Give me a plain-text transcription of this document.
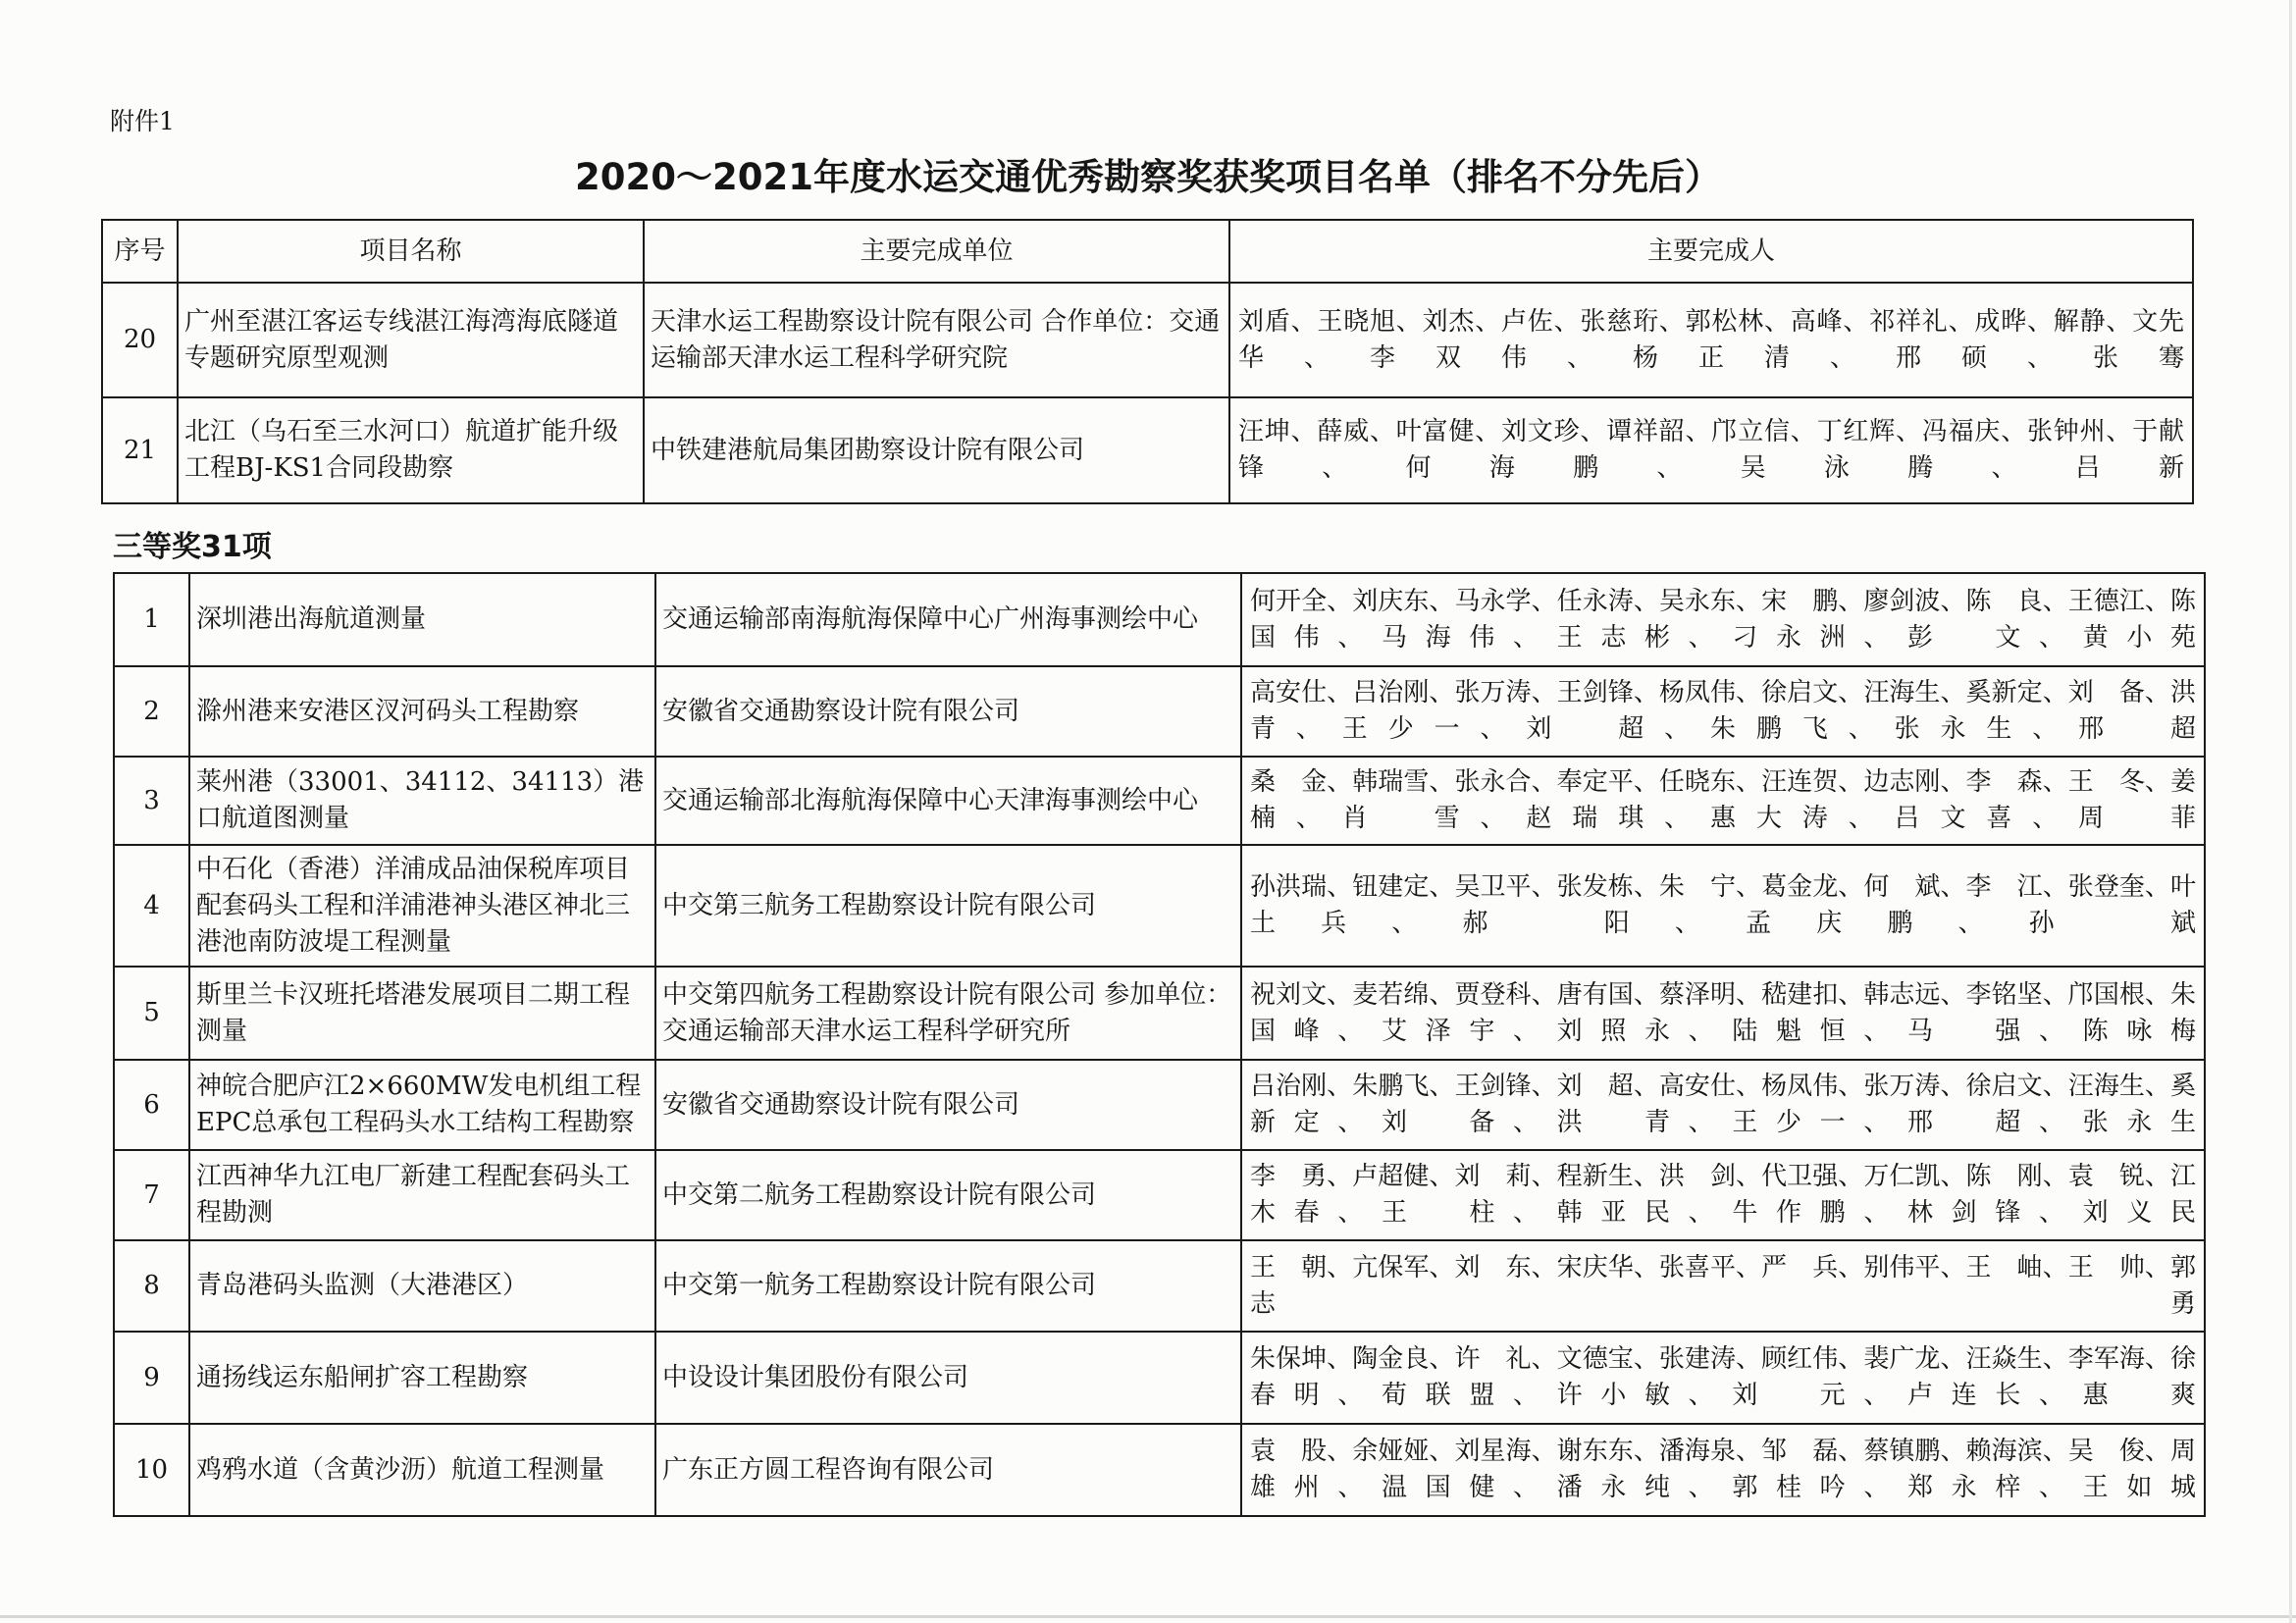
附件1
2020～2021年度水运交通优秀勘察奖获奖项目名单（排名不分先后）
序号	项目名称	主要完成单位	主要完成人
20	广州至湛江客运专线湛江海湾海底隧道专题研究原型观测	天津水运工程勘察设计院有限公司 合作单位：交通运输部天津水运工程科学研究院	刘盾、王晓旭、刘杰、卢佐、张慈珩、郭松林、高峰、祁祥礼、成晔、解静、文先华、李双伟、杨正清、邢硕、张骞
21	北江（乌石至三水河口）航道扩能升级工程BJ-KS1合同段勘察	中铁建港航局集团勘察设计院有限公司	汪坤、薛威、叶富健、刘文珍、谭祥韶、邝立信、丁红辉、冯福庆、张钟州、于献锋、何海鹏、吴泳腾、吕新
三等奖31项
1	深圳港出海航道测量	交通运输部南海航海保障中心广州海事测绘中心	何开全、刘庆东、马永学、任永涛、吴永东、宋　鹏、廖剑波、陈　良、王德江、陈国伟、马海伟、王志彬、刁永洲、彭　文、黄小苑
2	滁州港来安港区汊河码头工程勘察	安徽省交通勘察设计院有限公司	高安仕、吕治刚、张万涛、王剑锋、杨凤伟、徐启文、汪海生、奚新定、刘　备、洪　青、王少一、刘　超、朱鹏飞、张永生、邢　超
3	莱州港（33001、34112、34113）港口航道图测量	交通运输部北海航海保障中心天津海事测绘中心	桑　金、韩瑞雪、张永合、奉定平、任晓东、汪连贺、边志刚、李　森、王　冬、姜　楠、肖　雪、赵瑞琪、惠大涛、吕文喜、周　菲
4	中石化（香港）洋浦成品油保税库项目配套码头工程和洋浦港神头港区神北三港池南防波堤工程测量	中交第三航务工程勘察设计院有限公司	孙洪瑞、钮建定、吴卫平、张发栋、朱　宁、葛金龙、何　斌、李　江、张登奎、叶土兵、郝　阳、孟庆鹏、孙　斌
5	斯里兰卡汉班托塔港发展项目二期工程测量	中交第四航务工程勘察设计院有限公司 参加单位：交通运输部天津水运工程科学研究所	祝刘文、麦若绵、贾登科、唐有国、蔡泽明、嵇建扣、韩志远、李铭坚、邝国根、朱国峰、艾泽宇、刘照永、陆魁恒、马　强、陈咏梅
6	神皖合肥庐江2×660MW发电机组工程EPC总承包工程码头水工结构工程勘察	安徽省交通勘察设计院有限公司	吕治刚、朱鹏飞、王剑锋、刘　超、高安仕、杨凤伟、张万涛、徐启文、汪海生、奚新定、刘　备、洪　青、王少一、邢　超、张永生
7	江西神华九江电厂新建工程配套码头工程勘测	中交第二航务工程勘察设计院有限公司	李　勇、卢超健、刘　莉、程新生、洪　剑、代卫强、万仁凯、陈　刚、袁　锐、江木春、王　柱、韩亚民、牛作鹏、林剑锋、刘义民
8	青岛港码头监测（大港港区）	中交第一航务工程勘察设计院有限公司	王　朝、亢保军、刘　东、宋庆华、张喜平、严　兵、别伟平、王　岫、王　帅、郭志勇
9	通扬线运东船闸扩容工程勘察	中设设计集团股份有限公司	朱保坤、陶金良、许　礼、文德宝、张建涛、顾红伟、裴广龙、汪焱生、李军海、徐春明、荀联盟、许小敏、刘　元、卢连长、惠　爽
10	鸡鸦水道（含黄沙沥）航道工程测量	广东正方圆工程咨询有限公司	袁　股、余娅娅、刘星海、谢东东、潘海泉、邹　磊、蔡镇鹏、赖海滨、吴　俊、周雄州、温国健、潘永纯、郭桂吟、郑永梓、王如城
